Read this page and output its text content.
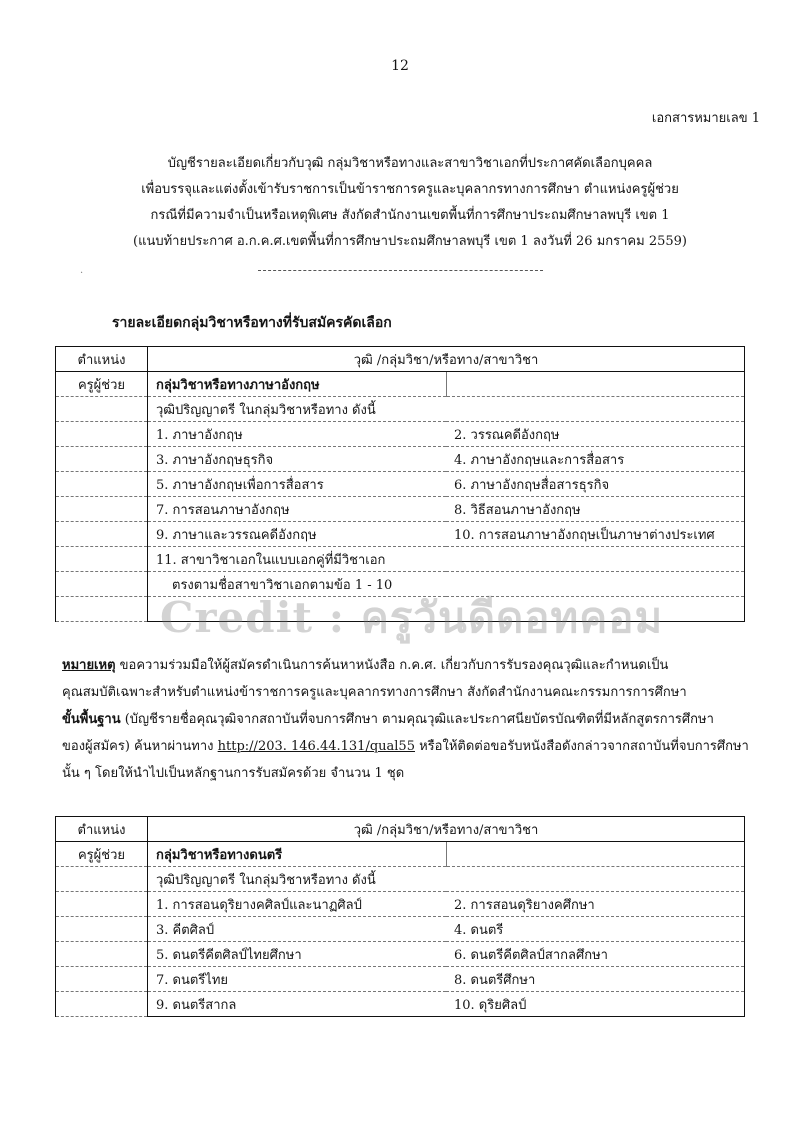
12
เอกสารหมายเลข 1
บัญชีรายละเอียดเกี่ยวกับวุฒิ กลุ่มวิชาหรือทางและสาขาวิชาเอกที่ประกาศคัดเลือกบุคคล
เพื่อบรรจุและแต่งตั้งเข้ารับราชการเป็นข้าราชการครูและบุคลากรทางการศึกษา ตำแหน่งครูผู้ช่วย
กรณีที่มีความจำเป็นหรือเหตุพิเศษ สังกัดสำนักงานเขตพื้นที่การศึกษาประถมศึกษาลพบุรี เขต 1
(แนบท้ายประกาศ อ.ก.ค.ศ.เขตพื้นที่การศึกษาประถมศึกษาลพบุรี เขต 1 ลงวันที่ 26 มกราคม 2559)
·
รายละเอียดกลุ่มวิชาหรือทางที่รับสมัครคัดเลือก
ตำแหน่ง	วุฒิ /กลุ่มวิชา/หรือทาง/สาขาวิชา	
ครูผู้ช่วย	กลุ่มวิชาหรือทางภาษาอังกฤษ	
	วุฒิปริญญาตรี ในกลุ่มวิชาหรือทาง ดังนี้	
	1. ภาษาอังกฤษ	2. วรรณคดีอังกฤษ
	3. ภาษาอังกฤษธุรกิจ	4. ภาษาอังกฤษและการสื่อสาร
	5. ภาษาอังกฤษเพื่อการสื่อสาร	6. ภาษาอังกฤษสื่อสารธุรกิจ
	7. การสอนภาษาอังกฤษ	8. วิธีสอนภาษาอังกฤษ
	9. ภาษาและวรรณคดีอังกฤษ	10. การสอนภาษาอังกฤษเป็นภาษาต่างประเทศ
	11. สาขาวิชาเอกในแบบเอกคู่ที่มีวิชาเอก	
	ตรงตามชื่อสาขาวิชาเอกตามข้อ 1 - 10	

Credit : ครูวันดีดอทคอม
หมายเหตุ ขอความร่วมมือให้ผู้สมัครดำเนินการค้นหาหนังสือ ก.ค.ศ. เกี่ยวกับการรับรองคุณวุฒิและกำหนดเป็น
คุณสมบัติเฉพาะสำหรับตำแหน่งข้าราชการครูและบุคลากรทางการศึกษา สังกัดสำนักงานคณะกรรมการการศึกษา
ขั้นพื้นฐาน (บัญชีรายชื่อคุณวุฒิจากสถาบันที่จบการศึกษา ตามคุณวุฒิและประกาศนียบัตรบัณฑิตที่มีหลักสูตรการศึกษา
ของผู้สมัคร) ค้นหาผ่านทาง http://203. 146.44.131/qual55 หรือให้ติดต่อขอรับหนังสือดังกล่าวจากสถาบันที่จบการศึกษา
นั้น ๆ โดยให้นำไปเป็นหลักฐานการรับสมัครด้วย จำนวน 1 ชุด
ตำแหน่ง	วุฒิ /กลุ่มวิชา/หรือทาง/สาขาวิชา	
ครูผู้ช่วย	กลุ่มวิชาหรือทางดนตรี	
	วุฒิปริญญาตรี ในกลุ่มวิชาหรือทาง ดังนี้	
	1. การสอนดุริยางคศิลป์และนาฏศิลป์	2. การสอนดุริยางคศึกษา
	3. คีตศิลป์	4. ดนตรี
	5. ดนตรีคีตศิลป์ไทยศึกษา	6. ดนตรีคีตศิลป์สากลศึกษา
	7. ดนตรีไทย	8. ดนตรีศึกษา
	9. ดนตรีสากล	10. ดุริยศิลป์
